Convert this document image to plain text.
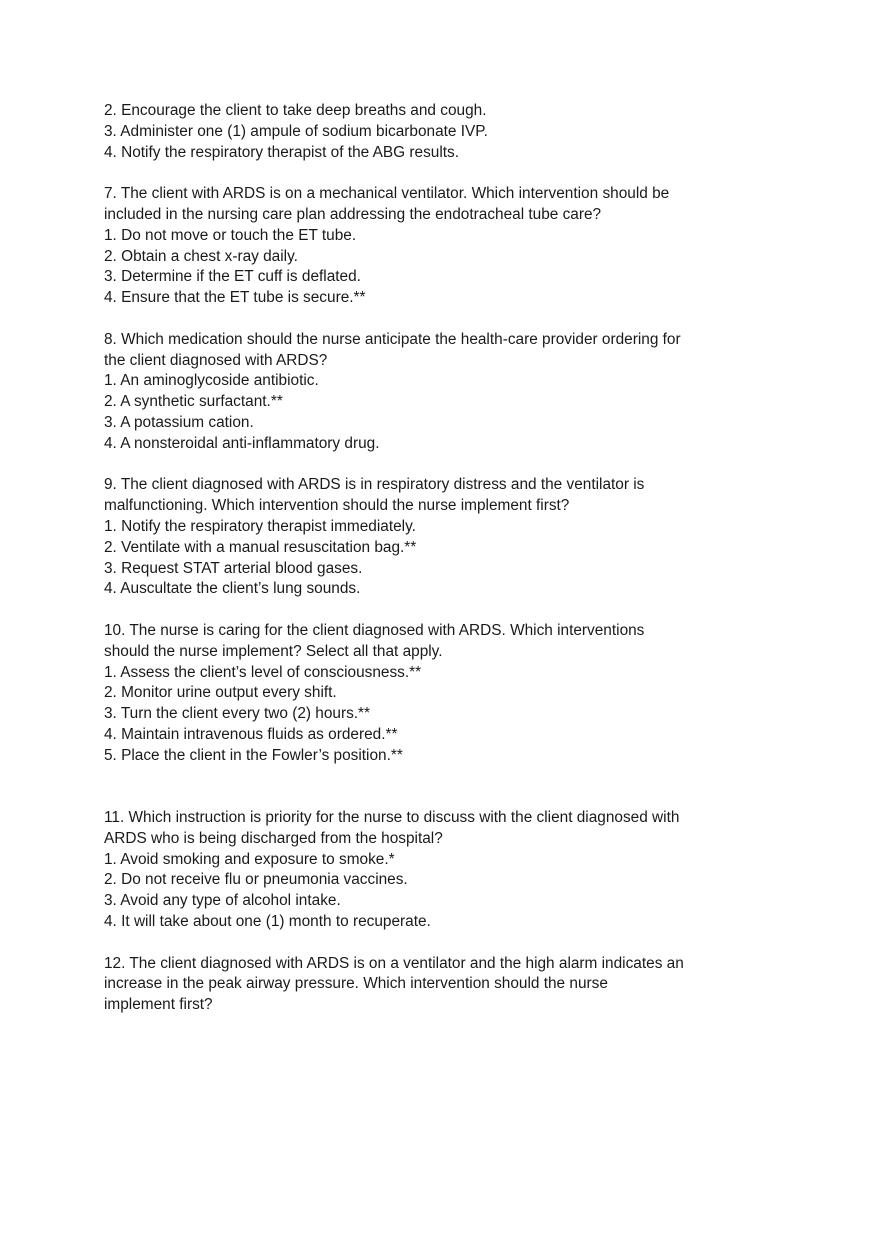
2. Encourage the client to take deep breaths and cough.
3. Administer one (1) ampule of sodium bicarbonate IVP.
4. Notify the respiratory therapist of the ABG results.
7. The client with ARDS is on a mechanical ventilator. Which intervention should be
included in the nursing care plan addressing the endotracheal tube care?
1. Do not move or touch the ET tube.
2. Obtain a chest x-ray daily.
3. Determine if the ET cuff is deflated.
4. Ensure that the ET tube is secure.**
8. Which medication should the nurse anticipate the health-care provider ordering for
the client diagnosed with ARDS?
1. An aminoglycoside antibiotic.
2. A synthetic surfactant.**
3. A potassium cation.
4. A nonsteroidal anti-inflammatory drug.
9. The client diagnosed with ARDS is in respiratory distress and the ventilator is
malfunctioning. Which intervention should the nurse implement first?
1. Notify the respiratory therapist immediately.
2. Ventilate with a manual resuscitation bag.**
3. Request STAT arterial blood gases.
4. Auscultate the client’s lung sounds.
10. The nurse is caring for the client diagnosed with ARDS. Which interventions
should the nurse implement? Select all that apply.
1. Assess the client’s level of consciousness.**
2. Monitor urine output every shift.
3. Turn the client every two (2) hours.**
4. Maintain intravenous fluids as ordered.**
5. Place the client in the Fowler’s position.**
11. Which instruction is priority for the nurse to discuss with the client diagnosed with
ARDS who is being discharged from the hospital?
1. Avoid smoking and exposure to smoke.*
2. Do not receive flu or pneumonia vaccines.
3. Avoid any type of alcohol intake.
4. It will take about one (1) month to recuperate.
12. The client diagnosed with ARDS is on a ventilator and the high alarm indicates an
increase in the peak airway pressure. Which intervention should the nurse
implement first?
